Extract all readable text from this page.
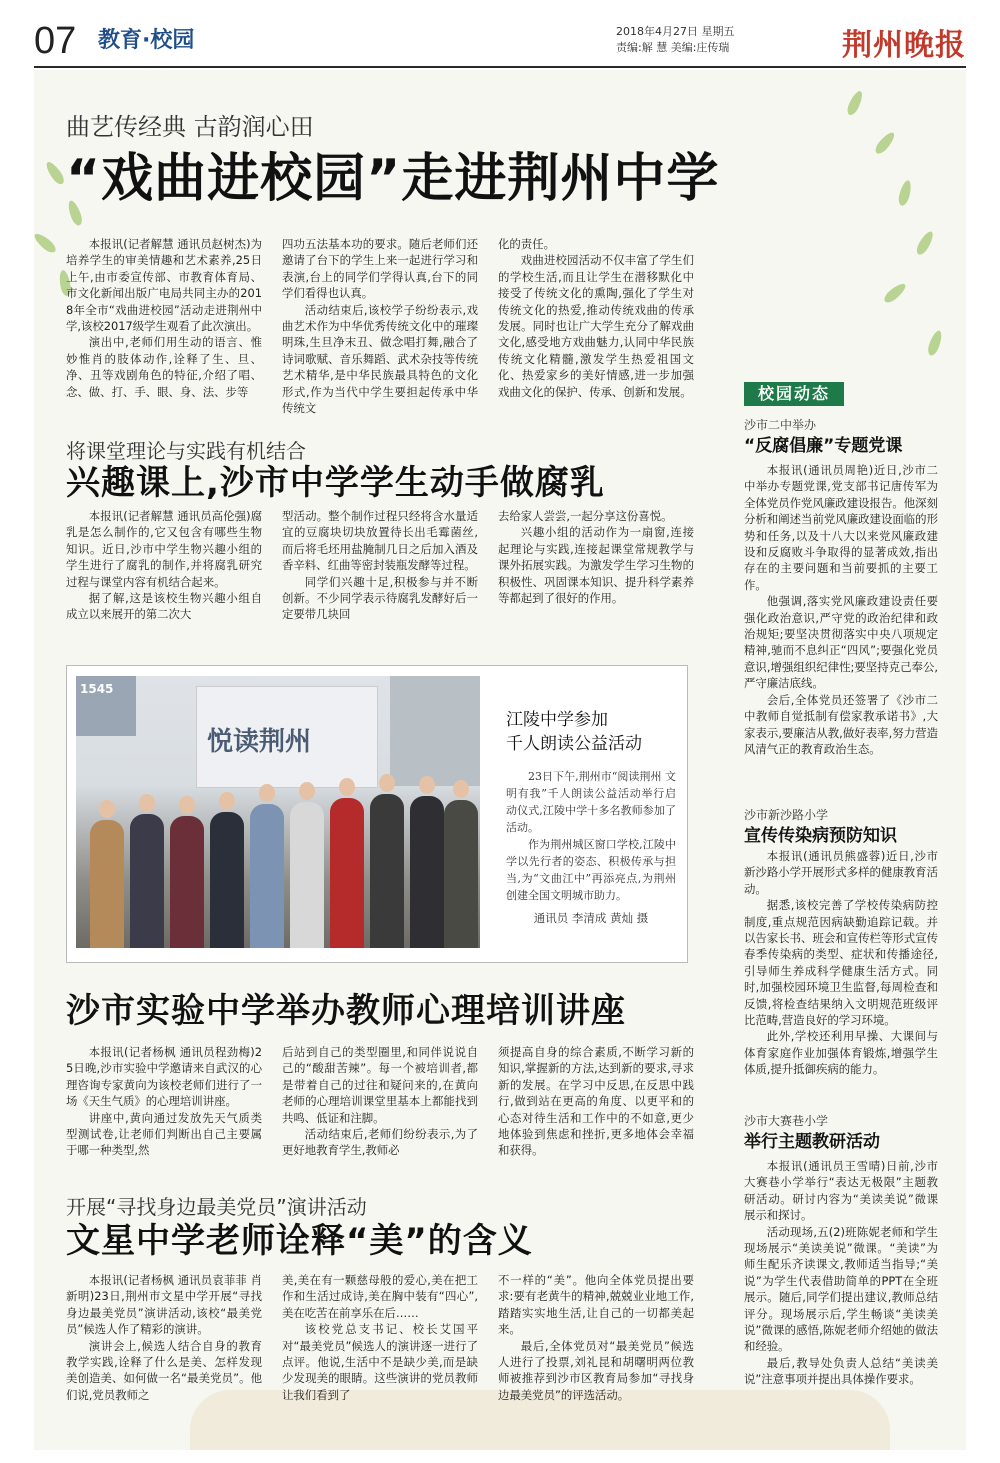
07 教育·校园	2018年4月27日 星期五
责编:解 慧 美编:庄传瑞	荆州晚报
曲艺传经典 古韵润心田
“戏曲进校园”走进荆州中学

本报讯(记者解慧 通讯员赵树杰)为培养学生的审美情趣和艺术素养,25日上午,由市委宣传部、市教育体育局、市文化新闻出版广电局共同主办的2018年全市“戏曲进校园”活动走进荆州中学,该校2017级学生观看了此次演出。

演出中,老师们用生动的语言、惟妙惟肖的肢体动作,诠释了生、旦、净、丑等戏剧角色的特征,介绍了唱、念、做、打、手、眼、身、法、步等

四功五法基本功的要求。随后老师们还邀请了台下的学生上来一起进行学习和表演,台上的同学们学得认真,台下的同学们看得也认真。

活动结束后,该校学子纷纷表示,戏曲艺术作为中华优秀传统文化中的璀璨明珠,生旦净末丑、做念唱打舞,融合了诗词歌赋、音乐舞蹈、武术杂技等传统艺术精华,是中华民族最具特色的文化形式,作为当代中学生要担起传承中华传统文

化的责任。

戏曲进校园活动不仅丰富了学生们的学校生活,而且让学生在潜移默化中接受了传统文化的熏陶,强化了学生对传统文化的热爱,推动传统戏曲的传承发展。同时也让广大学生充分了解戏曲文化,感受地方戏曲魅力,认同中华民族传统文化精髓,激发学生热爱祖国文化、热爱家乡的美好情感,进一步加强戏曲文化的保护、传承、创新和发展。

将课堂理论与实践有机结合
兴趣课上,沙市中学学生动手做腐乳

本报讯(记者解慧 通讯员高伦强)腐乳是怎么制作的,它又包含有哪些生物知识。近日,沙市中学生物兴趣小组的学生进行了腐乳的制作,并将腐乳研究过程与课堂内容有机结合起来。

据了解,这是该校生物兴趣小组自成立以来展开的第二次大

型活动。整个制作过程只经将含水量适宜的豆腐块切块放置待长出毛霉菌丝,而后将毛坯用盐腌制几日之后加入酒及香辛料、红曲等密封装瓶发酵等过程。

同学们兴趣十足,积极参与并不断创新。不少同学表示待腐乳发酵好后一定要带几块回

去给家人尝尝,一起分享这份喜悦。

兴趣小组的活动作为一扇窗,连接起理论与实践,连接起课堂常规教学与课外拓展实践。为激发学生学习生物的积极性、巩固课本知识、提升科学素养等都起到了很好的作用。

1545
悦读荆州
江陵中学参加
千人朗读公益活动

23日下午,荆州市“阅读荆州 文明有我”千人朗读公益活动举行启动仪式,江陵中学十多名教师参加了活动。

作为荆州城区窗口学校,江陵中学以先行者的姿态、积极传承与担当,为“文曲江中”再添亮点,为荆州创建全国文明城市助力。

通讯员 李清成 黄灿 摄
沙市实验中学举办教师心理培训讲座

本报讯(记者杨枫 通讯员程劲梅)25日晚,沙市实验中学邀请来自武汉的心理咨询专家黄向为该校老师们进行了一场《天生气质》的心理培训讲座。

讲座中,黄向通过发放先天气质类型测试卷,让老师们判断出自己主要属于哪一种类型,然

后站到自己的类型圈里,和同伴说说自己的“酸甜苦辣”。每一个被培训者,都是带着自己的过往和疑问来的,在黄向老师的心理培训课堂里基本上都能找到共鸣、低证和注脚。

活动结束后,老师们纷纷表示,为了更好地教育学生,教师必

须提高自身的综合素质,不断学习新的知识,掌握新的方法,达到新的要求,寻求新的发展。在学习中反思,在反思中践行,做到站在更高的角度、以更平和的心态对待生活和工作中的不如意,更少地体验到焦虑和挫折,更多地体会幸福和获得。

开展“寻找身边最美党员”演讲活动
文星中学老师诠释“美”的含义

本报讯(记者杨枫 通讯员袁菲菲 肖新明)23日,荆州市文星中学开展“寻找身边最美党员”演讲活动,该校“最美党员”候选人作了精彩的演讲。

演讲会上,候选人结合自身的教育教学实践,诠释了什么是美、怎样发现美创造美、如何做一名“最美党员”。他们说,党员教师之

美,美在有一颗慈母般的爱心,美在把工作和生活过成诗,美在胸中装有“四心”,美在吃苦在前享乐在后……

该校党总支书记、校长艾国平对“最美党员”候选人的演讲逐一进行了点评。他说,生活中不是缺少美,而是缺少发现美的眼睛。这些演讲的党员教师让我们看到了

不一样的“美”。他向全体党员提出要求:要有老黄牛的精神,兢兢业业地工作,踏踏实实地生活,让自己的一切都美起来。

最后,全体党员对“最美党员”候选人进行了投票,刘礼昆和胡曙明两位教师被推荐到沙市区教育局参加“寻找身边最美党员”的评选活动。

校园动态
沙市二中举办
“反腐倡廉”专题党课

本报讯(通讯员周艳)近日,沙市二中举办专题党课,党支部书记唐传军为全体党员作党风廉政建设报告。他深刻分析和阐述当前党风廉政建设面临的形势和任务,以及十八大以来党风廉政建设和反腐败斗争取得的显著成效,指出存在的主要问题和当前要抓的主要工作。

他强调,落实党风廉政建设责任要强化政治意识,严守党的政治纪律和政治规矩;要坚决贯彻落实中央八项规定精神,驰而不息纠正“四风”;要强化党员意识,增强组织纪律性;要坚持克己奉公,严守廉洁底线。

会后,全体党员还签署了《沙市二中教师自觉抵制有偿家教承诺书》,大家表示,要廉洁从教,做好表率,努力营造风清气正的教育政治生态。

沙市新沙路小学
宣传传染病预防知识

本报讯(通讯员熊盛蓉)近日,沙市新沙路小学开展形式多样的健康教育活动。

据悉,该校完善了学校传染病防控制度,重点规范因病缺勤追踪记载。并以告家长书、班会和宣传栏等形式宣传春季传染病的类型、症状和传播途径,引导师生养成科学健康生活方式。同时,加强校园环境卫生监督,每周检查和反馈,将检查结果纳入文明规范班级评比范畴,营造良好的学习环境。

此外,学校还利用早操、大课间与体育家庭作业加强体育锻炼,增强学生体质,提升抵御疾病的能力。

沙市大赛巷小学
举行主题教研活动

本报讯(通讯员王雪晴)日前,沙市大赛巷小学举行“表达无极限”主题教研活动。研讨内容为“美读美说”微课展示和探讨。

活动现场,五(2)班陈妮老师和学生现场展示“美读美说”微课。“美读”为师生配乐齐读课文,教师适当指导;“美说”为学生代表借助简单的PPT在全班展示。随后,同学们提出建议,教师总结评分。现场展示后,学生畅谈“美读美说”微课的感悟,陈妮老师介绍她的做法和经验。

最后,教导处负责人总结“美读美说”注意事项并提出具体操作要求。
